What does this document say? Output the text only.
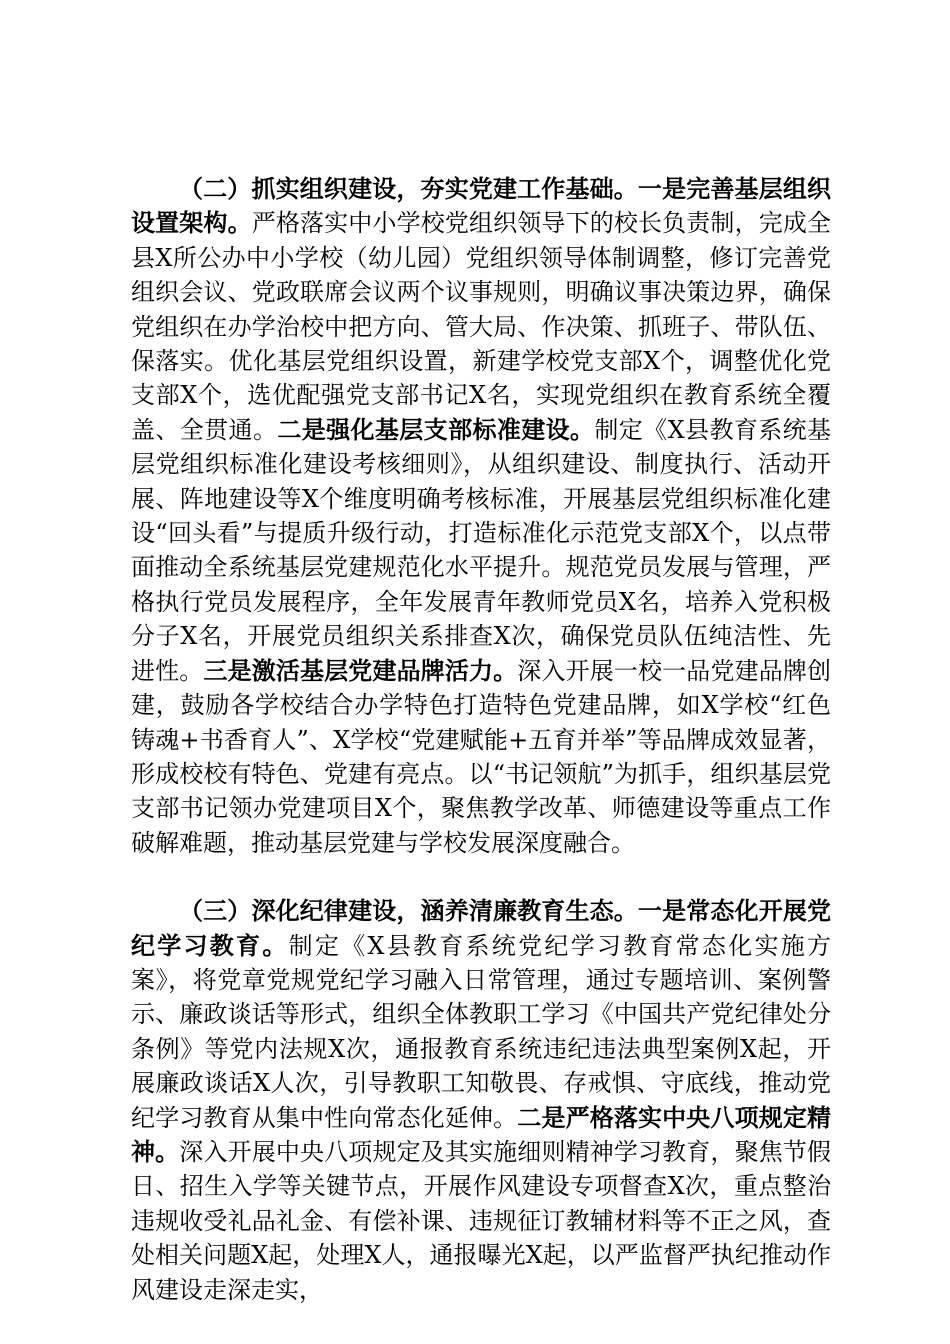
（二）抓实组织建设，夯实党建工作基础。一是完善基层组织设置架构。严格落实中小学校党组织领导下的校长负责制，完成全县X所公办中小学校（幼儿园）党组织领导体制调整，修订完善党组织会议、党政联席会议两个议事规则，明确议事决策边界，确保党组织在办学治校中把方向、管大局、作决策、抓班子、带队伍、保落实。优化基层党组织设置，新建学校党支部X个，调整优化党支部X个，选优配强党支部书记X名，实现党组织在教育系统全覆盖、全贯通。二是强化基层支部标准建设。制定《X县教育系统基层党组织标准化建设考核细则》，从组织建设、制度执行、活动开展、阵地建设等X个维度明确考核标准，开展基层党组织标准化建设“回头看”与提质升级行动，打造标准化示范党支部X个，以点带面推动全系统基层党建规范化水平提升。规范党员发展与管理，严格执行党员发展程序，全年发展青年教师党员X名，培养入党积极分子X名，开展党员组织关系排查X次，确保党员队伍纯洁性、先进性。三是激活基层党建品牌活力。深入开展一校一品党建品牌创建，鼓励各学校结合办学特色打造特色党建品牌，如X学校“红色铸魂+书香育人”、X学校“党建赋能+五育并举”等品牌成效显著，形成校校有特色、党建有亮点。以“书记领航”为抓手，组织基层党支部书记领办党建项目X个，聚焦教学改革、师德建设等重点工作破解难题，推动基层党建与学校发展深度融合。

（三）深化纪律建设，涵养清廉教育生态。一是常态化开展党纪学习教育。制定《X县教育系统党纪学习教育常态化实施方案》，将党章党规党纪学习融入日常管理，通过专题培训、案例警示、廉政谈话等形式，组织全体教职工学习《中国共产党纪律处分条例》等党内法规X次，通报教育系统违纪违法典型案例X起，开展廉政谈话X人次，引导教职工知敬畏、存戒惧、守底线，推动党纪学习教育从集中性向常态化延伸。二是严格落实中央八项规定精神。深入开展中央八项规定及其实施细则精神学习教育，聚焦节假日、招生入学等关键节点，开展作风建设专项督查X次，重点整治违规收受礼品礼金、有偿补课、违规征订教辅材料等不正之风，查处相关问题X起，处理X人，通报曝光X起，以严监督严执纪推动作风建设走深走实，
